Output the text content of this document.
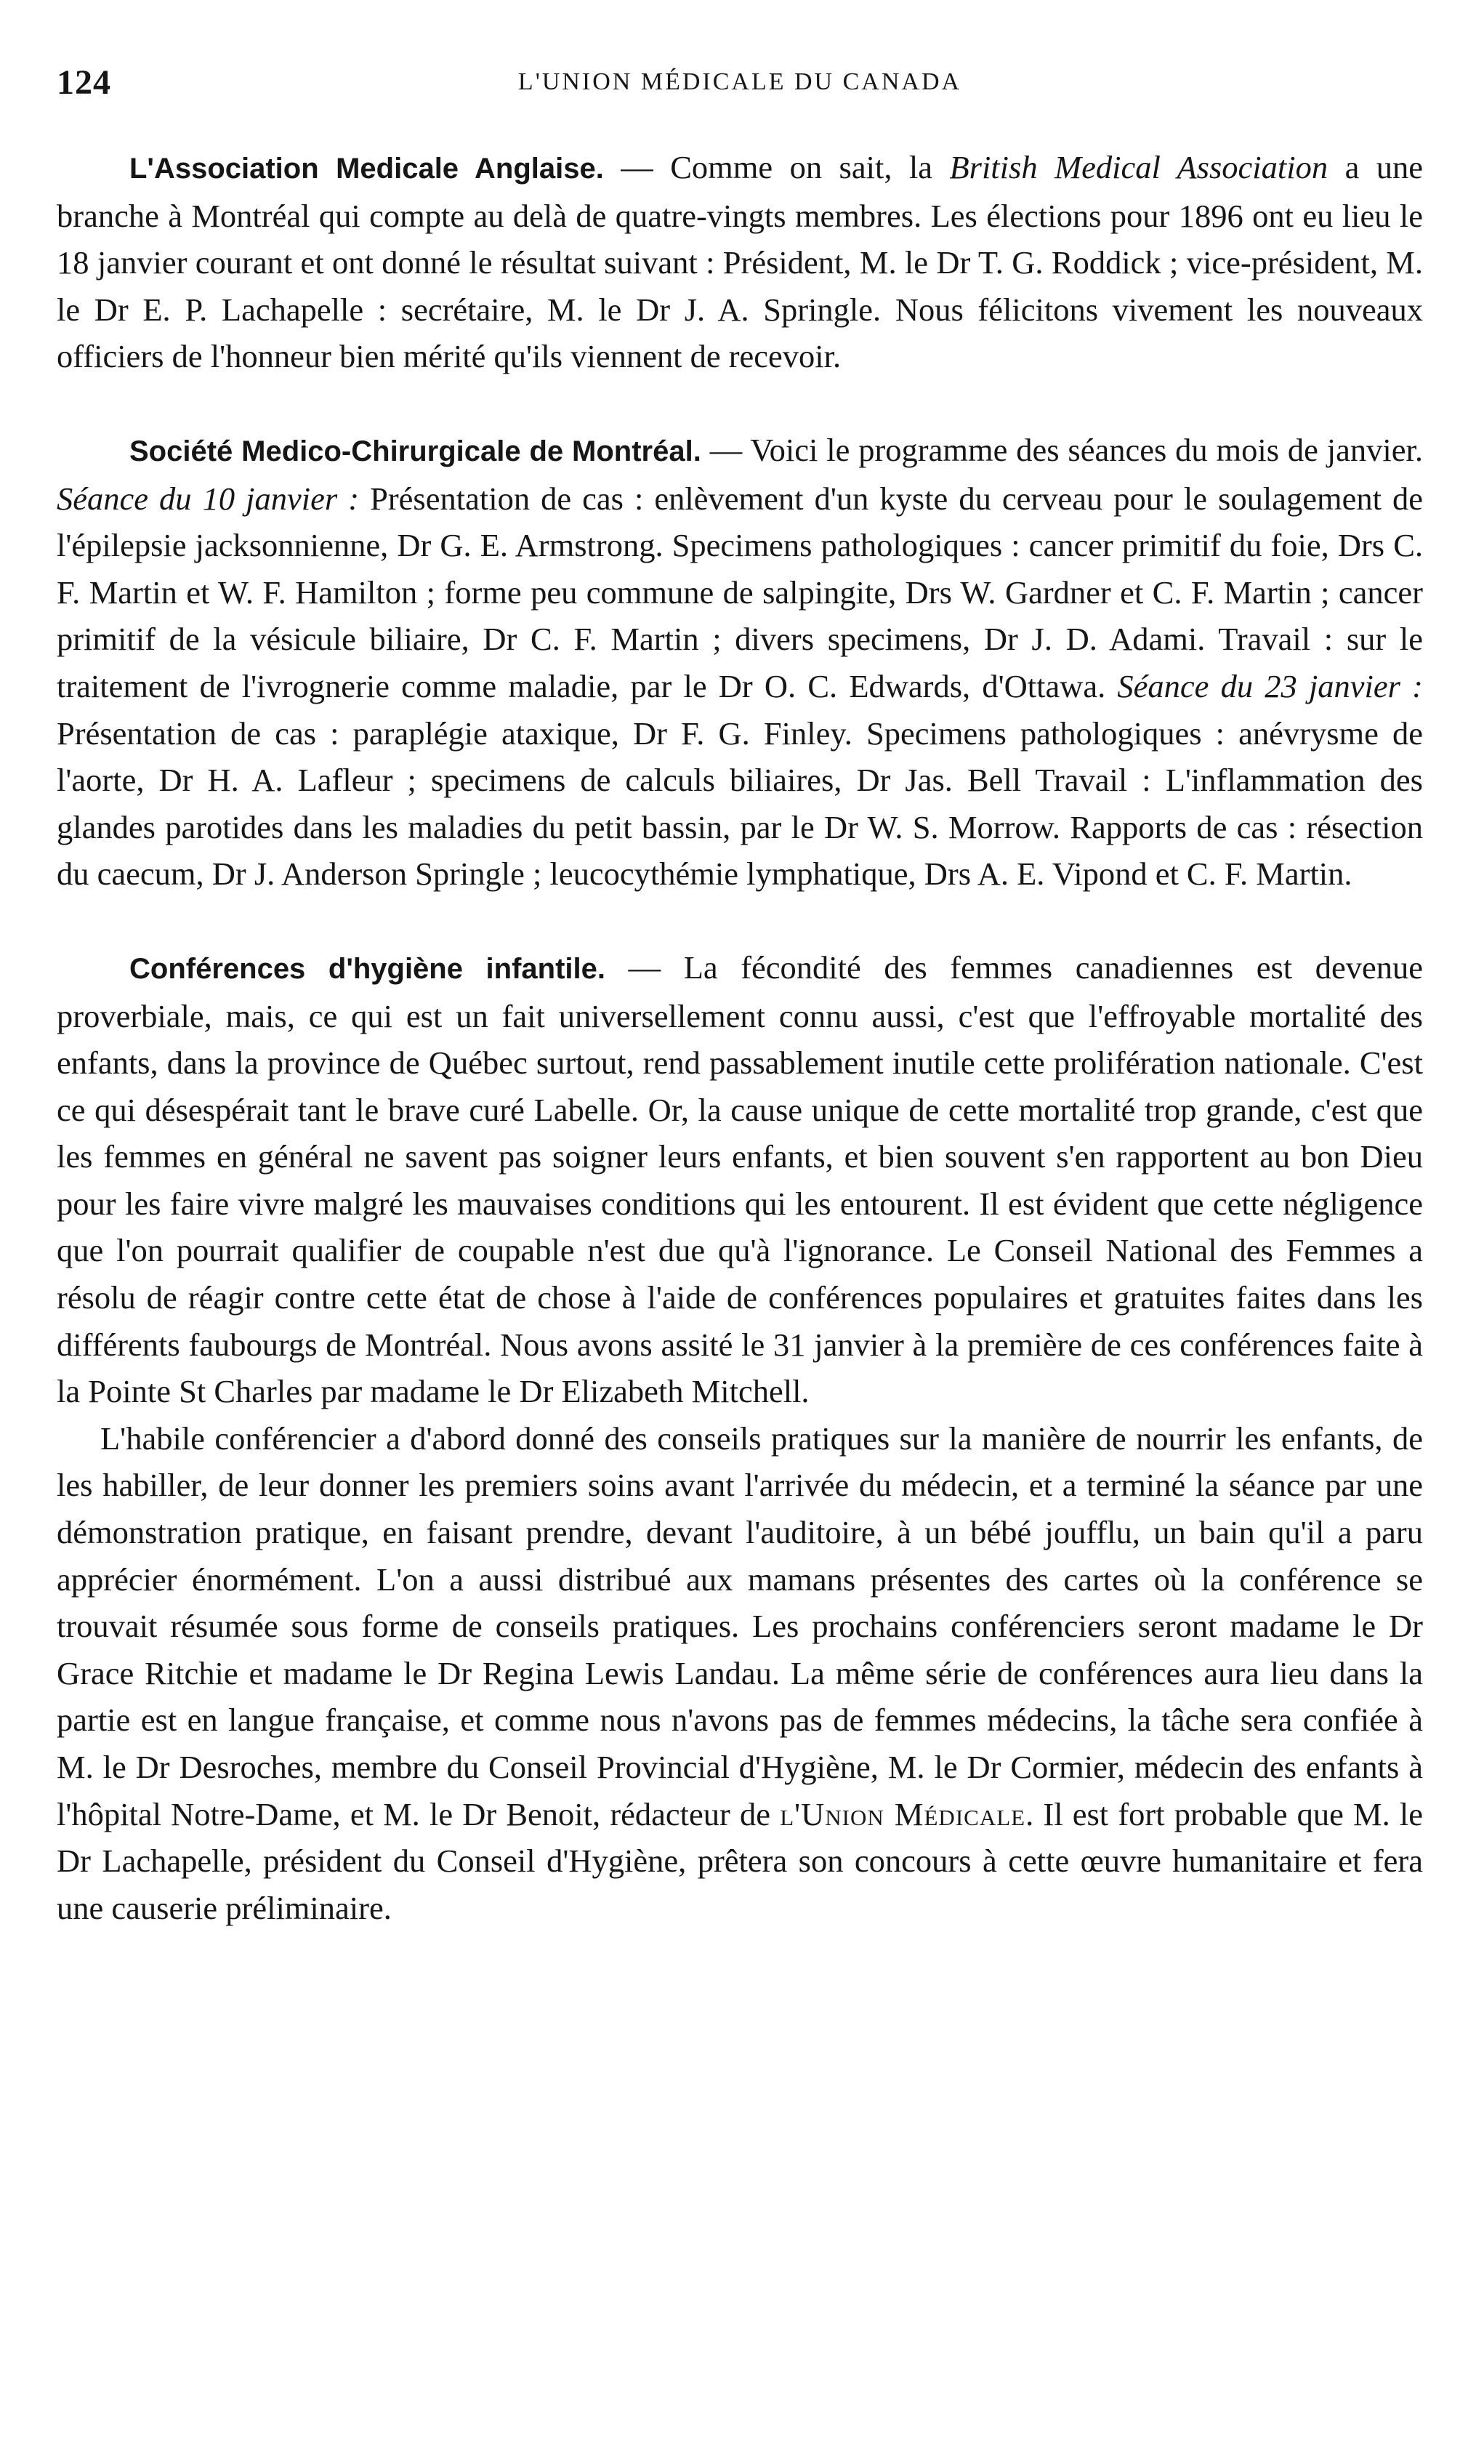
124	L'UNION MÉDICALE DU CANADA

L'Association Medicale Anglaise. — Comme on sait, la British Medical Association a une branche à Montréal qui compte au delà de quatre-vingts membres. Les élections pour 1896 ont eu lieu le 18 janvier courant et ont donné le résultat suivant : Président, M. le Dr T. G. Roddick ; vice-président, M. le Dr E. P. Lachapelle : secrétaire, M. le Dr J. A. Springle. Nous félicitons vivement les nouveaux officiers de l'honneur bien mérité qu'ils viennent de recevoir.

Société Medico-Chirurgicale de Montréal. — Voici le programme des séances du mois de janvier. Séance du 10 janvier : Présentation de cas : enlèvement d'un kyste du cerveau pour le soulagement de l'épilepsie jacksonnienne, Dr G. E. Armstrong. Specimens pathologiques : cancer primitif du foie, Drs C. F. Martin et W. F. Hamilton ; forme peu commune de salpingite, Drs W. Gardner et C. F. Martin ; cancer primitif de la vésicule biliaire, Dr C. F. Martin ; divers specimens, Dr J. D. Adami. Travail : sur le traitement de l'ivrognerie comme maladie, par le Dr O. C. Edwards, d'Ottawa. Séance du 23 janvier : Présentation de cas : paraplégie ataxique, Dr F. G. Finley. Specimens pathologiques : anévrysme de l'aorte, Dr H. A. Lafleur ; specimens de calculs biliaires, Dr Jas. Bell Travail : L'inflammation des glandes parotides dans les maladies du petit bassin, par le Dr W. S. Morrow. Rapports de cas : résection du caecum, Dr J. Anderson Springle ; leucocythémie lymphatique, Drs A. E. Vipond et C. F. Martin.

Conférences d'hygiène infantile. — La fécondité des femmes canadiennes est devenue proverbiale, mais, ce qui est un fait universellement connu aussi, c'est que l'effroyable mortalité des enfants, dans la province de Québec surtout, rend passablement inutile cette prolifération nationale. C'est ce qui désespérait tant le brave curé Labelle. Or, la cause unique de cette mortalité trop grande, c'est que les femmes en général ne savent pas soigner leurs enfants, et bien souvent s'en rapportent au bon Dieu pour les faire vivre malgré les mauvaises conditions qui les entourent. Il est évident que cette négligence que l'on pourrait qualifier de coupable n'est due qu'à l'ignorance. Le Conseil National des Femmes a résolu de réagir contre cette état de chose à l'aide de conférences populaires et gratuites faites dans les différents faubourgs de Montréal. Nous avons assité le 31 janvier à la première de ces conférences faite à la Pointe St Charles par madame le Dr Elizabeth Mitchell.

L'habile conférencier a d'abord donné des conseils pratiques sur la manière de nourrir les enfants, de les habiller, de leur donner les premiers soins avant l'arrivée du médecin, et a terminé la séance par une démonstration pratique, en faisant prendre, devant l'auditoire, à un bébé joufflu, un bain qu'il a paru apprécier énormément. L'on a aussi distribué aux mamans présentes des cartes où la conférence se trouvait résumée sous forme de conseils pratiques. Les prochains conférenciers seront madame le Dr Grace Ritchie et madame le Dr Regina Lewis Landau. La même série de conférences aura lieu dans la partie est en langue française, et comme nous n'avons pas de femmes médecins, la tâche sera confiée à M. le Dr Desroches, membre du Conseil Provincial d'Hygiène, M. le Dr Cormier, médecin des enfants à l'hôpital Notre-Dame, et M. le Dr Benoit, rédacteur de l'Union Médicale. Il est fort probable que M. le Dr Lachapelle, président du Conseil d'Hygiène, prêtera son concours à cette œuvre humanitaire et fera une causerie préliminaire.
